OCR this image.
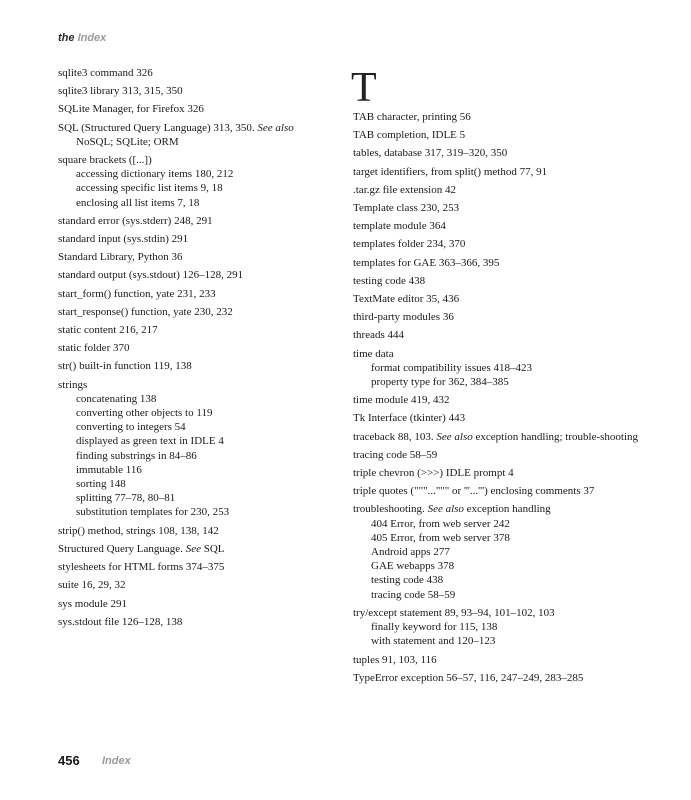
the Index
sqlite3 command 326
sqlite3 library 313, 315, 350
SQLite Manager, for Firefox 326
SQL (Structured Query Language) 313, 350. See also NoSQL; SQLite; ORM
square brackets ([...])
accessing dictionary items 180, 212
accessing specific list items 9, 18
enclosing all list items 7, 18
standard error (sys.stderr) 248, 291
standard input (sys.stdin) 291
Standard Library, Python 36
standard output (sys.stdout) 126–128, 291
start_form() function, yate 231, 233
start_response() function, yate 230, 232
static content 216, 217
static folder 370
str() built-in function 119, 138
strings
concatenating 138
converting other objects to 119
converting to integers 54
displayed as green text in IDLE 4
finding substrings in 84–86
immutable 116
sorting 148
splitting 77–78, 80–81
substitution templates for 230, 253
strip() method, strings 108, 138, 142
Structured Query Language. See SQL
stylesheets for HTML forms 374–375
suite 16, 29, 32
sys module 291
sys.stdout file 126–128, 138
T
TAB character, printing 56
TAB completion, IDLE 5
tables, database 317, 319–320, 350
target identifiers, from split() method 77, 91
.tar.gz file extension 42
Template class 230, 253
template module 364
templates folder 234, 370
templates for GAE 363–366, 395
testing code 438
TextMate editor 35, 436
third-party modules 36
threads 444
time data
format compatibility issues 418–423
property type for 362, 384–385
time module 419, 432
Tk Interface (tkinter) 443
traceback 88, 103. See also exception handling; trouble-shooting
tracing code 58–59
triple chevron (>>>) IDLE prompt 4
triple quotes ("""...""" or '''...''') enclosing comments 37
troubleshooting. See also exception handling
404 Error, from web server 242
405 Error, from web server 378
Android apps 277
GAE webapps 378
testing code 438
tracing code 58–59
try/except statement 89, 93–94, 101–102, 103
finally keyword for 115, 138
with statement and 120–123
tuples 91, 103, 116
TypeError exception 56–57, 116, 247–249, 283–285
456 Index
